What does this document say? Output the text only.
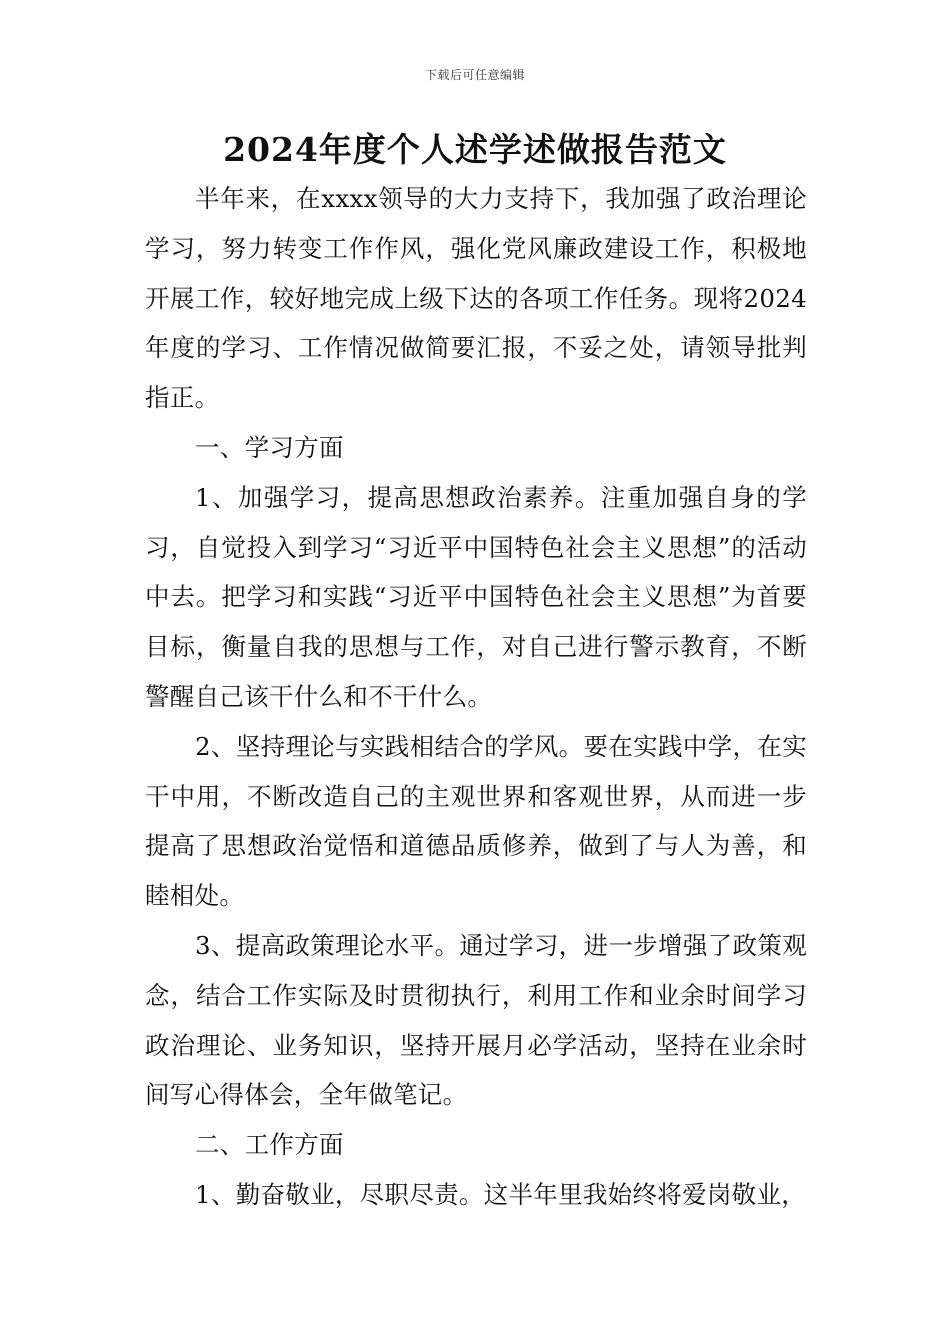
下载后可任意编辑
2024年度个人述学述做报告范文

半年来，在xxxx领导的大力支持下，我加强了政治理论学习，努力转变工作作风，强化党风廉政建设工作，积极地开展工作，较好地完成上级下达的各项工作任务。现将2024年度的学习、工作情况做简要汇报，不妥之处，请领导批判指正。

一、学习方面

1、加强学习，提高思想政治素养。注重加强自身的学习，自觉投入到学习“习近平中国特色社会主义思想”的活动中去。把学习和实践“习近平中国特色社会主义思想”为首要目标，衡量自我的思想与工作，对自己进行警示教育，不断警醒自己该干什么和不干什么。

2、坚持理论与实践相结合的学风。要在实践中学，在实干中用，不断改造自己的主观世界和客观世界，从而进一步提高了思想政治觉悟和道德品质修养，做到了与人为善，和睦相处。

3、提高政策理论水平。通过学习，进一步增强了政策观念，结合工作实际及时贯彻执行，利用工作和业余时间学习政治理论、业务知识，坚持开展月必学活动，坚持在业余时间写心得体会，全年做笔记。

二、工作方面

1、勤奋敬业，尽职尽责。这半年里我始终将爱岗敬业，
